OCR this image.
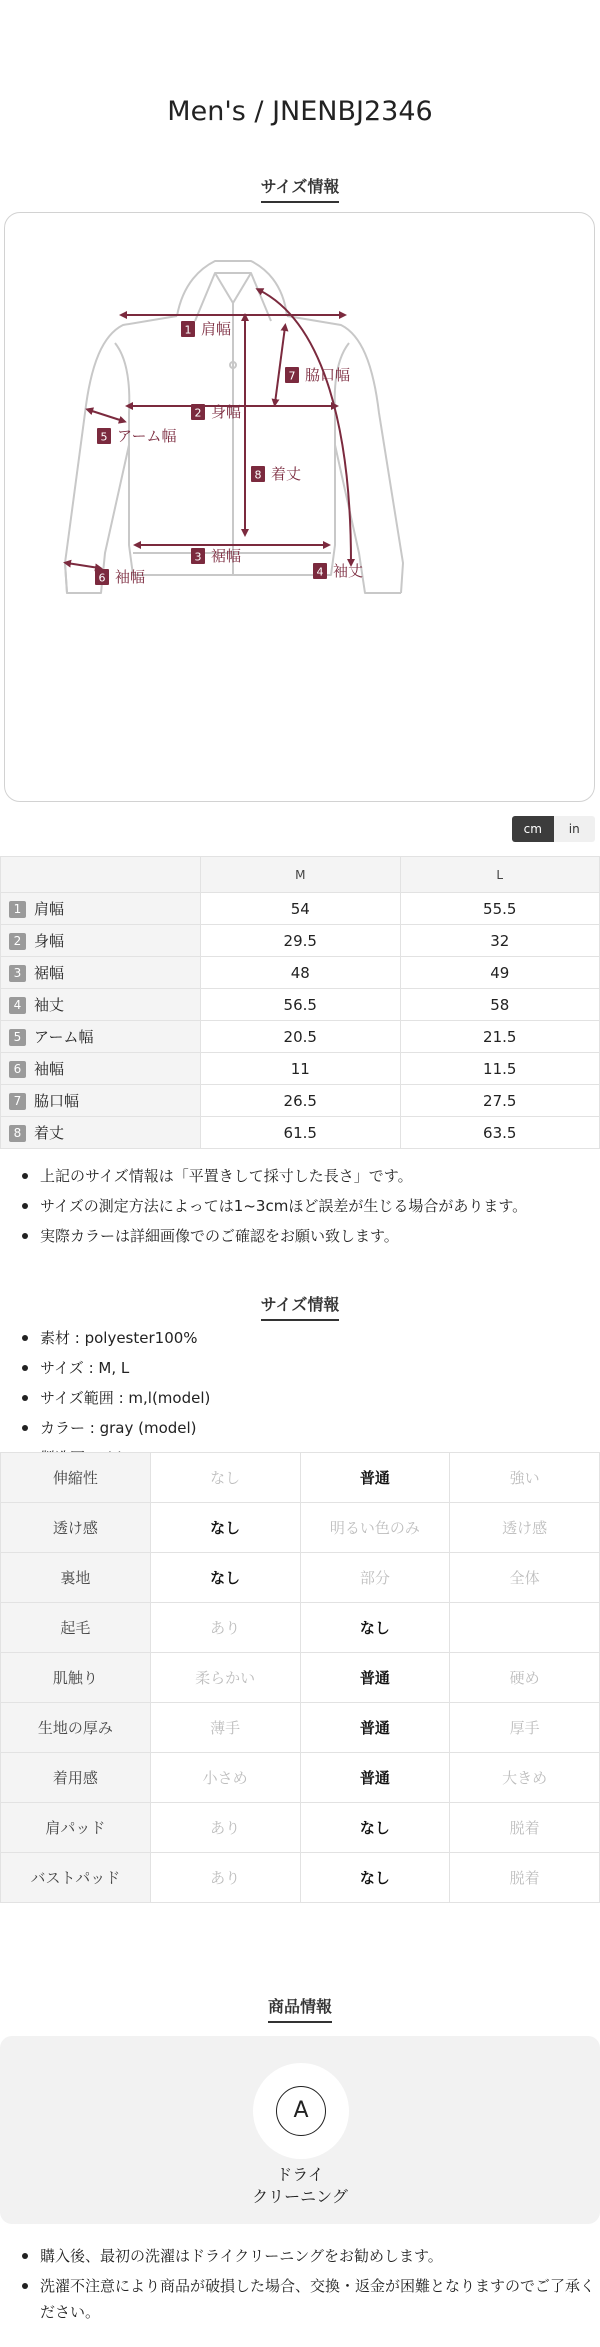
Men's / JNENBJ2346
サイズ情報
1 肩幅
2 身幅
3 裾幅
4 袖丈
5 アーム幅
6 袖幅
7 脇口幅
8 着丈
cm	in
	M	L
1 肩幅	54	55.5
2 身幅	29.5	32
3 裾幅	48	49
4 袖丈	56.5	58
5 アーム幅	20.5	21.5
6 袖幅	11	11.5
7 脇口幅	26.5	27.5
8 着丈	61.5	63.5
上記のサイズ情報は「平置きして採寸した長さ」です。
サイズの測定方法によっては1~3cmほど誤差が生じる場合があります。
実際カラーは詳細画像でのご確認をお願い致します。
サイズ情報
素材 : polyester100%
サイズ : M, L
サイズ範囲 : m,l(model)
カラー : gray (model)
伸縮性	なし	普通	強い
透け感	なし	明るい色のみ	透け感
裏地	なし	部分	全体
起毛	あり	なし	
肌触り	柔らかい	普通	硬め
生地の厚み	薄手	普通	厚手
着用感	小さめ	普通	大きめ
肩パッド	あり	なし	脱着
バストパッド	あり	なし	脱着
商品情報
A
ドライ
クリーニング
購入後、最初の洗濯はドライクリーニングをお勧めします。
洗濯不注意により商品が破損した場合、交換・返金が困難となりますのでご了承ください。
